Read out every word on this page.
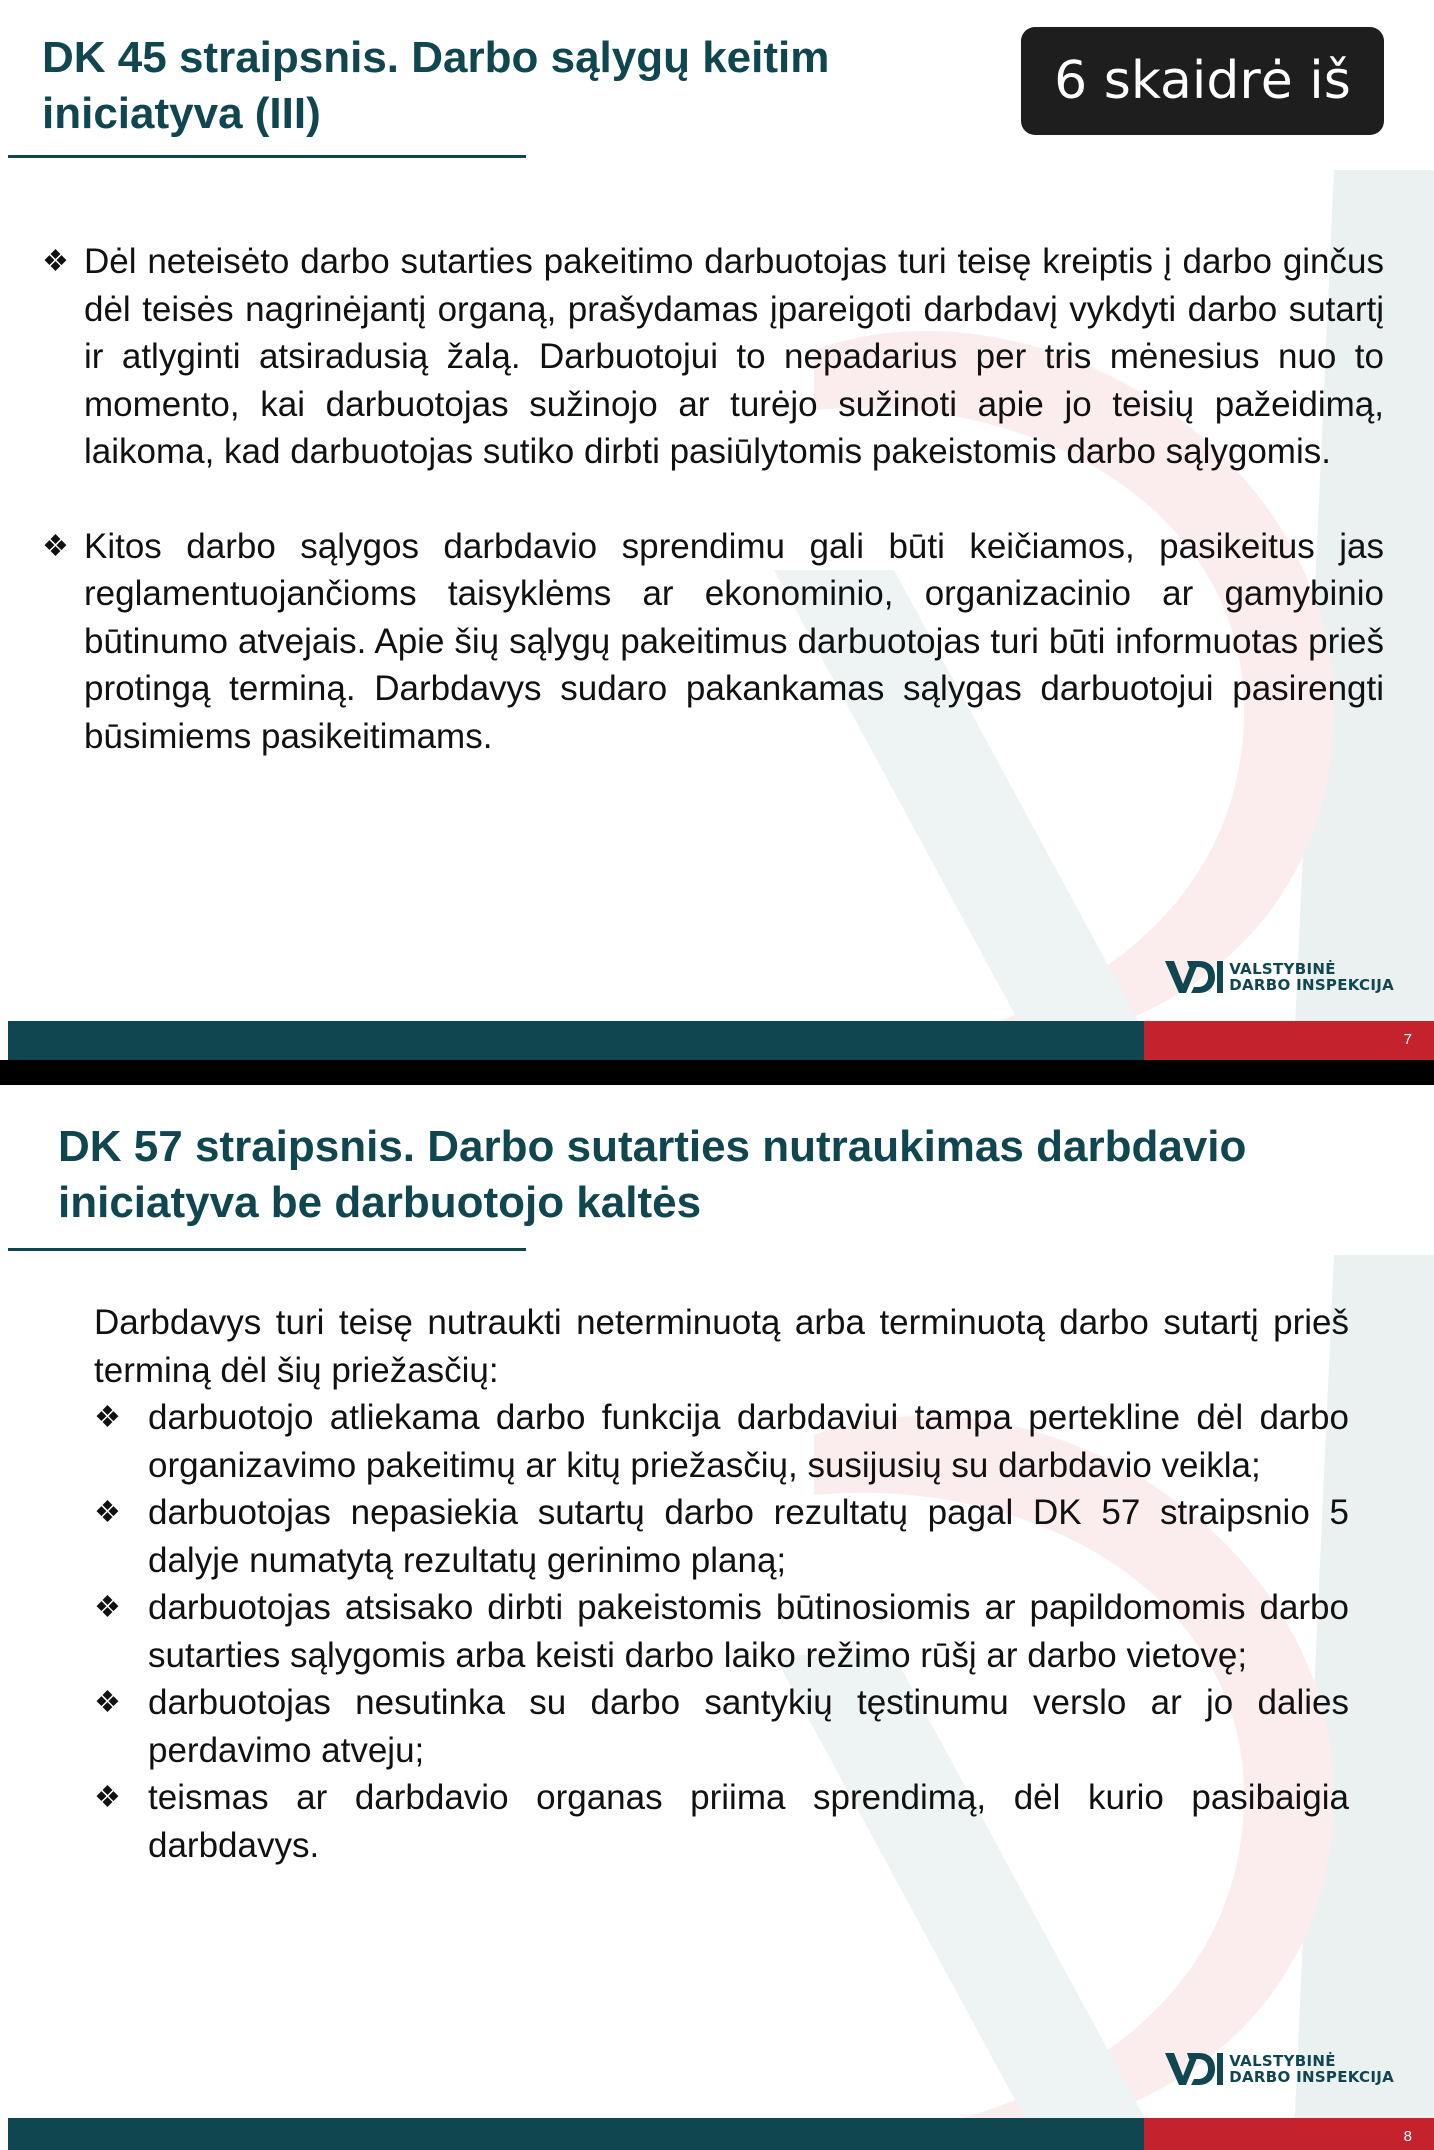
DK 45 straipsnis. Darbo sąlygų keitim
iniciatyva (III)
❖ Dėl neteisėto darbo sutarties pakeitimo darbuotojas turi teisę kreiptis į darbo ginčus dėl teisės nagrinėjantį organą, prašydamas įpareigoti darbdavį vykdyti darbo sutartį ir atlyginti atsiradusią žalą. Darbuotojui to nepadarius per tris mėnesius nuo to momento, kai darbuotojas sužinojo ar turėjo sužinoti apie jo teisių pažeidimą, laikoma, kad darbuotojas sutiko dirbti pasiūlytomis pakeistomis darbo sąlygomis.
❖ Kitos darbo sąlygos darbdavio sprendimu gali būti keičiamos, pasikeitus jas reglamentuojančioms taisyklėms ar ekonominio, organizacinio ar gamybinio būtinumo atvejais. Apie šių sąlygų pakeitimus darbuotojas turi būti informuotas prieš protingą terminą. Darbdavys sudaro pakankamas sąlygas darbuotojui pasirengti būsimiems pasikeitimams.
VALSTYBINĖ
DARBO INSPEKCIJA
7
DK 57 straipsnis. Darbo sutarties nutraukimas darbdavio
iniciatyva be darbuotojo kaltės
Darbdavys turi teisę nutraukti neterminuotą arba terminuotą darbo sutartį prieš terminą dėl šių priežasčių:
❖ darbuotojo atliekama darbo funkcija darbdaviui tampa pertekline dėl darbo organizavimo pakeitimų ar kitų priežasčių, susijusių su darbdavio veikla;
❖ darbuotojas nepasiekia sutartų darbo rezultatų pagal DK 57 straipsnio 5 dalyje numatytą rezultatų gerinimo planą;
❖ darbuotojas atsisako dirbti pakeistomis būtinosiomis ar papildomomis darbo sutarties sąlygomis arba keisti darbo laiko režimo rūšį ar darbo vietovę;
❖ darbuotojas nesutinka su darbo santykių tęstinumu verslo ar jo dalies perdavimo atveju;
❖ teismas ar darbdavio organas priima sprendimą, dėl kurio pasibaigia darbdavys.
VALSTYBINĖ
DARBO INSPEKCIJA
8
6 skaidrė iš 15
